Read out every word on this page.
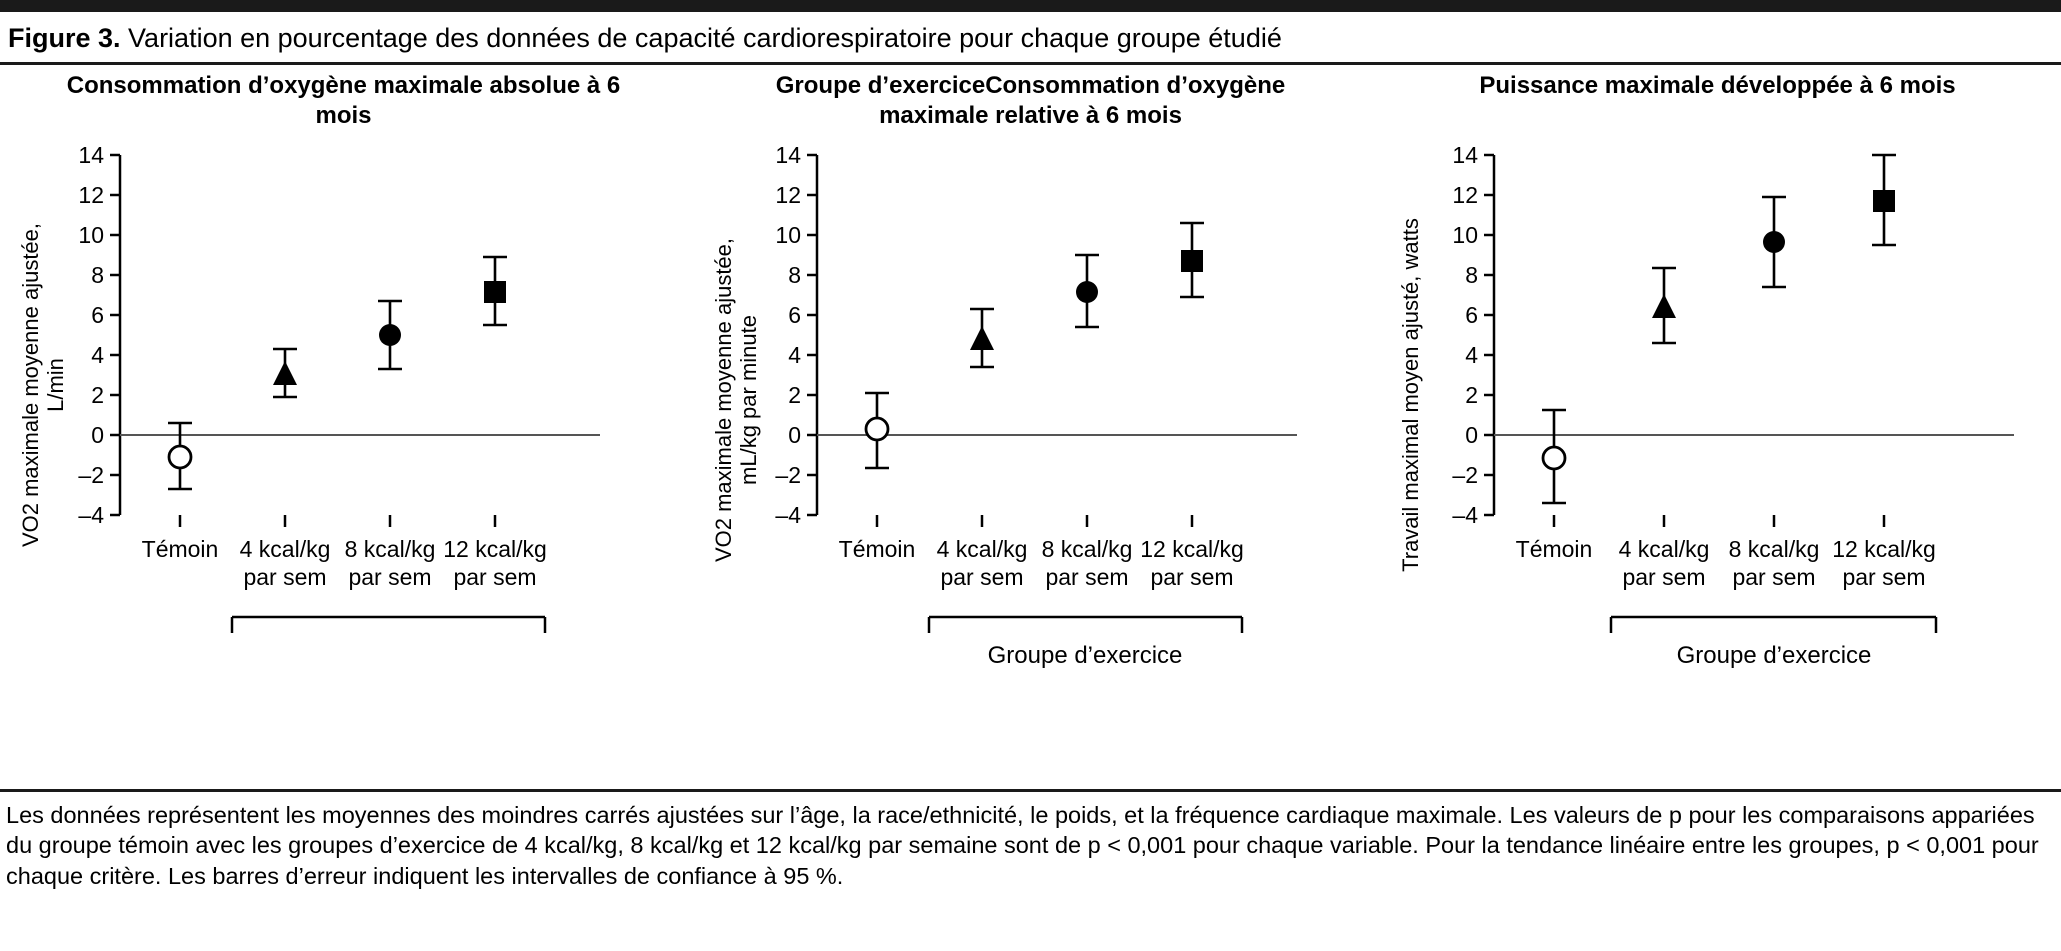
Figure 3. Variation en pourcentage des données de capacité cardiorespiratoire pour chaque groupe étudié
Consommation d’oxygène maximale absolue à 6 mois
VO2 maximale moyenne ajustée, L/min
14
12
10
8
6
4
2
0
–2
–4
Témoin 4 kcal/kg
par sem
8 kcal/kg
par sem
12 kcal/kg
par sem
Groupe d’exerciceConsommation d’oxygène maximale relative à 6 mois
VO2 maximale moyenne ajustée, mL/kg par minute
14
12
10
8
6
4
2
0
–2
–4
Témoin 4 kcal/kg
par sem
8 kcal/kg
par sem
12 kcal/kg
par sem
Groupe d’exercice
Puissance maximale développée à 6 mois
Travail maximal moyen ajusté, watts
14
12
10
8
6
4
2
0
–2
–4
Témoin 4 kcal/kg
par sem
8 kcal/kg
par sem
12 kcal/kg
par sem
Groupe d’exercice
Les données représentent les moyennes des moindres carrés ajustées sur l’âge, la race/ethnicité, le poids, et la fréquence cardiaque maximale. Les valeurs de p pour les comparaisons appariées du groupe témoin avec les groupes d’exercice de 4 kcal/kg, 8 kcal/kg et 12 kcal/kg par semaine sont de p < 0,001 pour chaque variable. Pour la tendance linéaire entre les groupes, p < 0,001 pour chaque critère. Les barres d’erreur indiquent les intervalles de confiance à 95 %.
